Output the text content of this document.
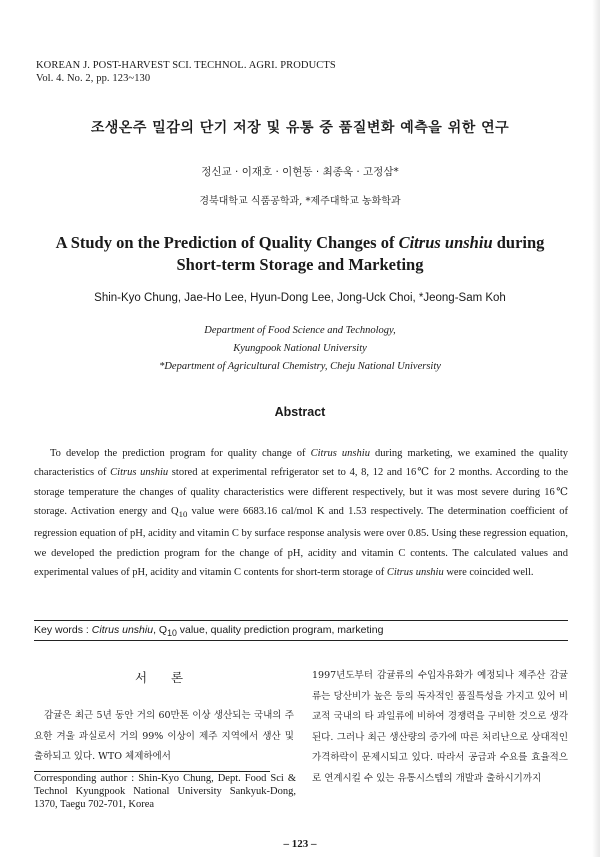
KOREAN J. POST-HARVEST SCI. TECHNOL. AGRI. PRODUCTS
Vol. 4. No. 2, pp. 123~130
조생온주 밀감의 단기 저장 및 유통 중 품질변화 예측을 위한 연구
정신교 · 이재호 · 이현동 · 최종욱 · 고정삼*
경북대학교 식품공학과, *제주대학교 농화학과
A Study on the Prediction of Quality Changes of Citrus unshiu during Short-term Storage and Marketing
Shin-Kyo Chung, Jae-Ho Lee, Hyun-Dong Lee, Jong-Uck Choi, *Jeong-Sam Koh
Department of Food Science and Technology,
Kyungpook National University
*Department of Agricultural Chemistry, Cheju National University
Abstract

To develop the prediction program for quality change of Citrus unshiu during marketing, we examined the quality characteristics of Citrus unshiu stored at experimental refrigerator set to 4, 8, 12 and 16℃ for 2 months. According to the storage temperature the changes of quality characteristics were different respectively, but it was most severe during 16℃ storage. Activation energy and $Q_{10}$ value were 6683.16 cal/mol K and 1.53 respectively. The determination coefficient of regression equation of pH, acidity and vitamin C by surface response analysis were over 0.85. Using these regression equation, we developed the prediction program for the change of pH, acidity and vitamin C contents. The calculated values and experimental values of pH, acidity and vitamin C contents for short-term storage of Citrus unshiu were coincided well.

Key words : Citrus unshiu, $Q_{10}$ value, quality prediction program, marketing
서 론

감귤은 최근 5년 동안 거의 60만톤 이상 생산되는 국내의 주요한 겨울 과실로서 거의 99% 이상이 제주 지역에서 생산 및 출하되고 있다. WTO 체제하에서

Corresponding author : Shin-Kyo Chung, Dept. Food Sci & Technol Kyungpook National University Sankyuk-Dong, 1370, Taegu 702-701, Korea

1997년도부터 감귤류의 수입자유화가 예정되나 제주산 감귤류는 당산비가 높은 등의 독자적인 품질특성을 가지고 있어 비교적 국내의 타 과일류에 비하여 경쟁력을 구비한 것으로 생각된다. 그러나 최근 생산량의 증가에 따른 처리난으로 상대적인 가격하락이 문제시되고 있다. 따라서 공급과 수요를 효율적으로 연계시킬 수 있는 유통시스템의 개발과 출하시기까지

– 123 –
